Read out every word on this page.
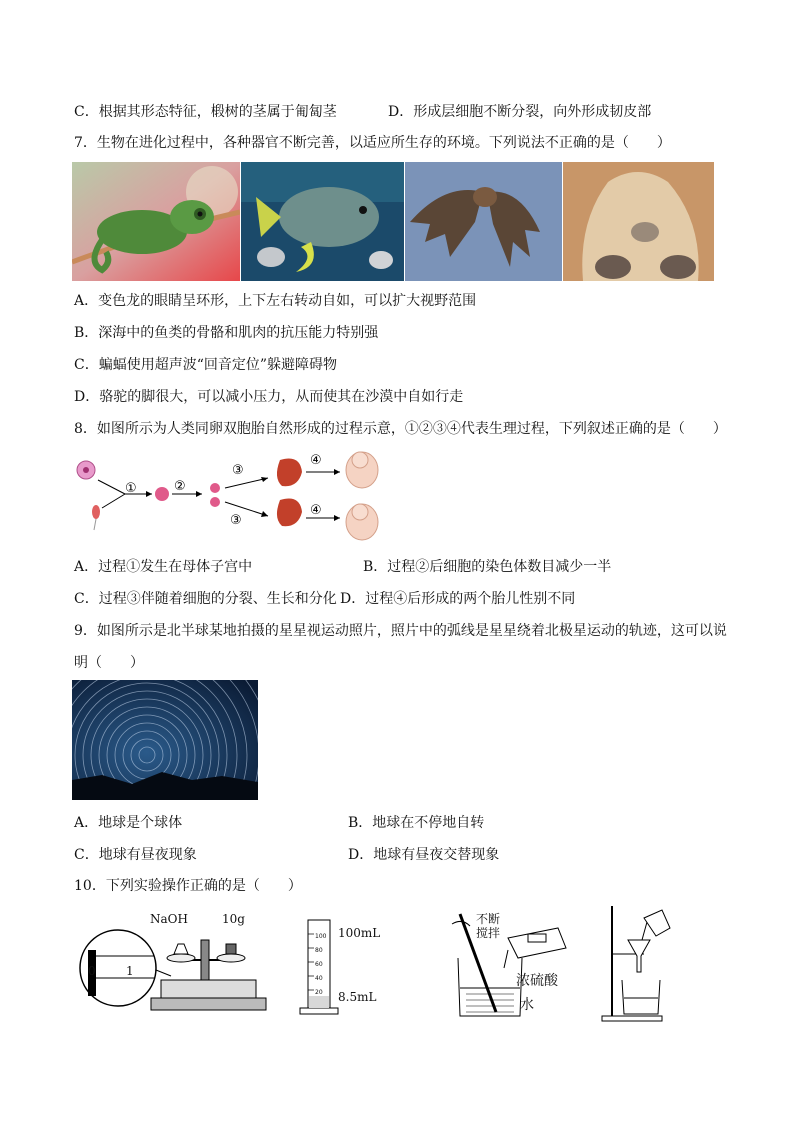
C．根据其形态特征，椴树的茎属于匍匐茎	D．形成层细胞不断分裂，向外形成韧皮部
7．生物在进化过程中，各种器官不断完善，以适应所生存的环境。下列说法不正确的是（　　）
A．变色龙的眼睛呈环形，上下左右转动自如，可以扩大视野范围
B．深海中的鱼类的骨骼和肌肉的抗压能力特别强
C．蝙蝠使用超声波“回音定位”躲避障碍物
D．骆驼的脚很大，可以减小压力，从而使其在沙漠中自如行走
8．如图所示为人类同卵双胞胎自然形成的过程示意，①②③④代表生理过程，下列叙述正确的是（　　）
①	②
③
③
④
④
A．过程①发生在母体子宫中	B．过程②后细胞的染色体数目减少一半
C．过程③伴随着细胞的分裂、生长和分化 D．过程④后形成的两个胎儿性别不同
9．如图所示是北半球某地拍摄的星星视运动照片，照片中的弧线是星星绕着北极星运动的轨迹，这可以说
明（　　）
A．地球是个球体	B．地球在不停地自转
C．地球有昼夜现象	D．地球有昼夜交替现象
10．下列实验操作正确的是（　　）
NaOH	10g
0	1
100
80
60
40
20
100mL
8.5mL
不断
搅拌
浓硫酸
水
